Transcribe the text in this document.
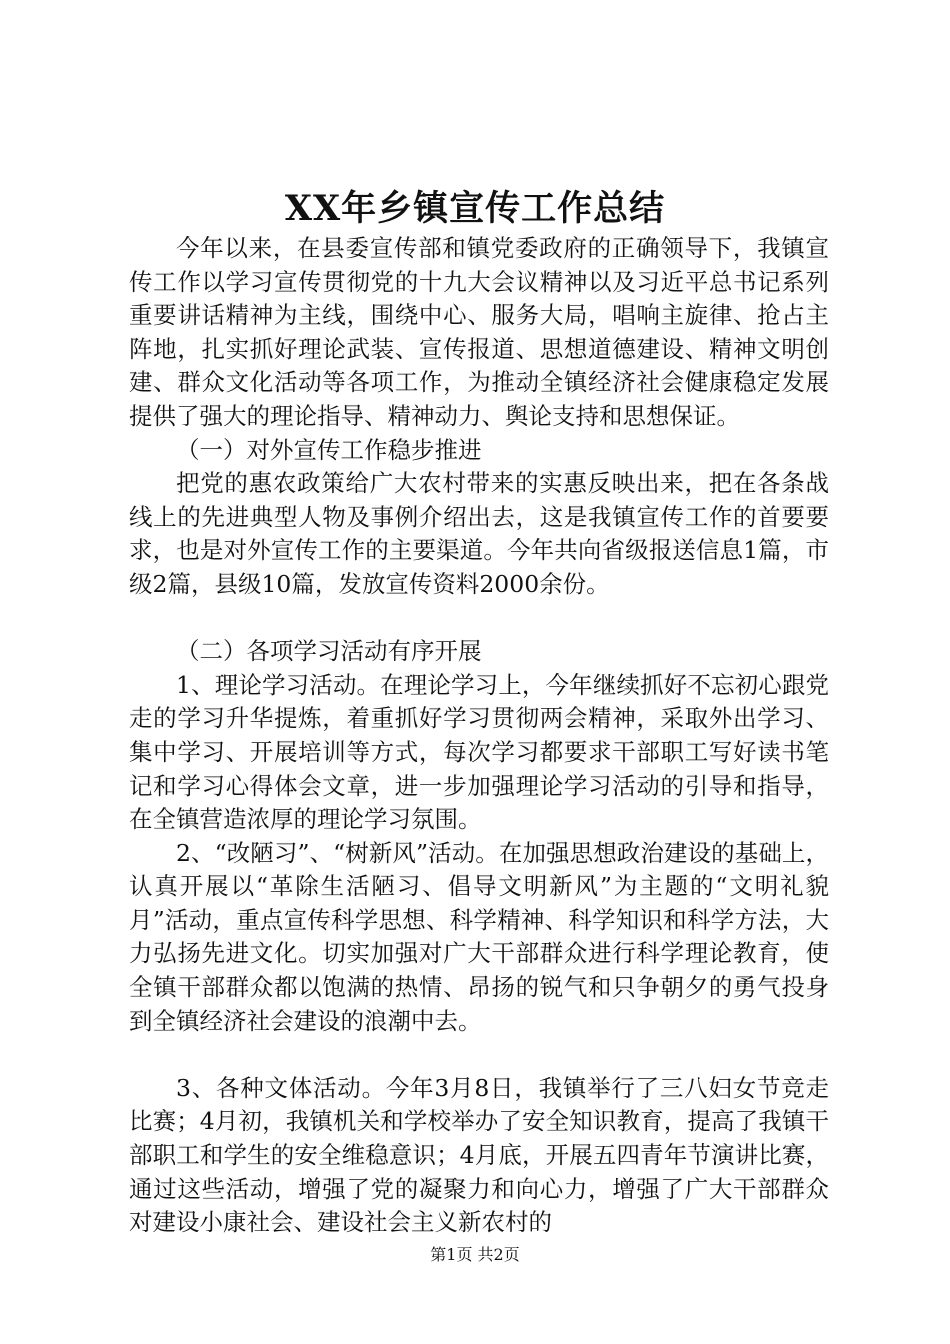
XX年乡镇宣传工作总结

今年以来，在县委宣传部和镇党委政府的正确领导下，我镇宣传工作以学习宣传贯彻党的十九大会议精神以及习近平总书记系列重要讲话精神为主线，围绕中心、服务大局，唱响主旋律、抢占主阵地，扎实抓好理论武装、宣传报道、思想道德建设、精神文明创建、群众文化活动等各项工作，为推动全镇经济社会健康稳定发展提供了强大的理论指导、精神动力、舆论支持和思想保证。

（一）对外宣传工作稳步推进

把党的惠农政策给广大农村带来的实惠反映出来，把在各条战线上的先进典型人物及事例介绍出去，这是我镇宣传工作的首要要求，也是对外宣传工作的主要渠道。今年共向省级报送信息1篇，市级2篇，县级10篇，发放宣传资料2000余份。

（二）各项学习活动有序开展

1、理论学习活动。在理论学习上，今年继续抓好不忘初心跟党走的学习升华提炼，着重抓好学习贯彻两会精神，采取外出学习、集中学习、开展培训等方式，每次学习都要求干部职工写好读书笔记和学习心得体会文章，进一步加强理论学习活动的引导和指导，在全镇营造浓厚的理论学习氛围。

2、“改陋习”、“树新风”活动。在加强思想政治建设的基础上，认真开展以“革除生活陋习、倡导文明新风”为主题的“文明礼貌月”活动，重点宣传科学思想、科学精神、科学知识和科学方法，大力弘扬先进文化。切实加强对广大干部群众进行科学理论教育，使全镇干部群众都以饱满的热情、昂扬的锐气和只争朝夕的勇气投身到全镇经济社会建设的浪潮中去。

3、各种文体活动。今年3月8日，我镇举行了三八妇女节竞走比赛；4月初，我镇机关和学校举办了安全知识教育，提高了我镇干部职工和学生的安全维稳意识；4月底，开展五四青年节演讲比赛，通过这些活动，增强了党的凝聚力和向心力，增强了广大干部群众对建设小康社会、建设社会主义新农村的

第1页 共2页
